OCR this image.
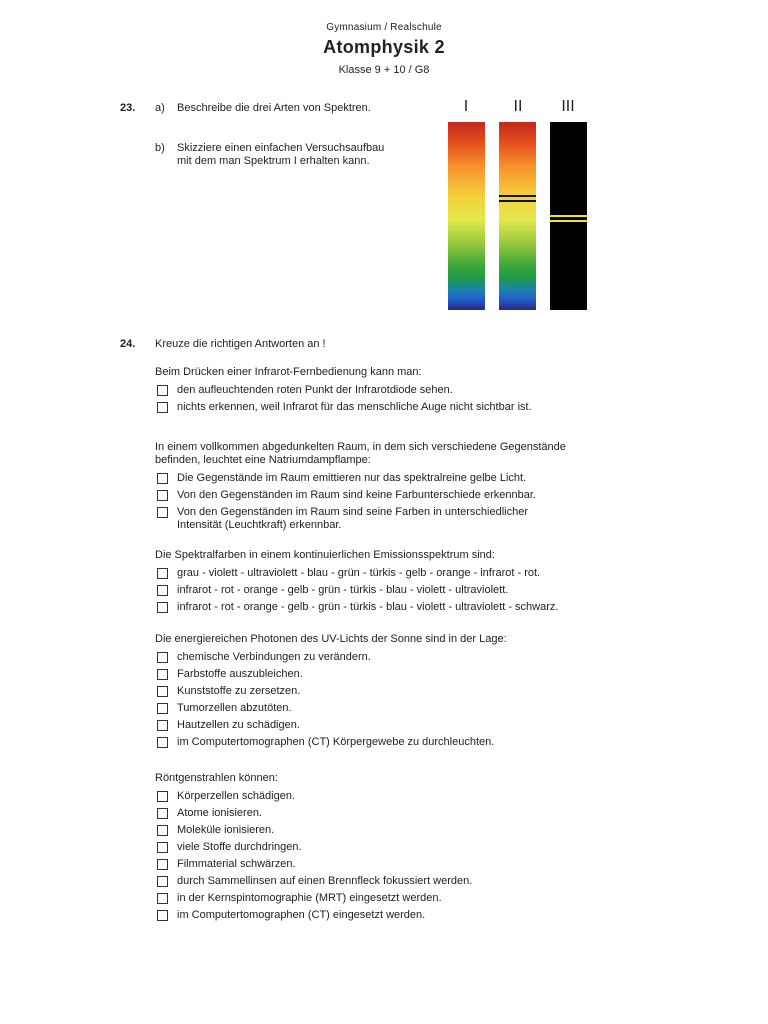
Gymnasium / Realschule
Atomphysik 2
Klasse 9 + 10 / G8
23. a) Beschreibe die drei Arten von Spektren.
b) Skizziere einen einfachen Versuchsaufbau
mit dem man Spektrum I erhalten kann.
I	II	III
24. Kreuze die richtigen Antworten an !
Beim Drücken einer Infrarot-Fernbedienung kann man:
den aufleuchtenden roten Punkt der Infrarotdiode sehen.
nichts erkennen, weil Infrarot für das menschliche Auge nicht sichtbar ist.
In einem vollkommen abgedunkelten Raum, in dem sich verschiedene Gegenstände
befinden, leuchtet eine Natriumdampflampe:
Die Gegenstände im Raum emittieren nur das spektralreine gelbe Licht.
Von den Gegenständen im Raum sind keine Farbunterschiede erkennbar.
Von den Gegenständen im Raum sind seine Farben in unterschiedlicher
Intensität (Leuchtkraft) erkennbar.
Die Spektralfarben in einem kontinuierlichen Emissionsspektrum sind:
grau - violett - ultraviolett - blau - grün - türkis - gelb - orange - infrarot - rot.
infrarot - rot - orange - gelb - grün - türkis - blau - violett - ultraviolett.
infrarot - rot - orange - gelb - grün - türkis - blau - violett - ultraviolett - schwarz.
Die energiereichen Photonen des UV-Lichts der Sonne sind in der Lage:
chemische Verbindungen zu verändern.
Farbstoffe auszubleichen.
Kunststoffe zu zersetzen.
Tumorzellen abzutöten.
Hautzellen zu schädigen.
im Computertomographen (CT) Körpergewebe zu durchleuchten.
Röntgenstrahlen können:
Körperzellen schädigen.
Atome ionisieren.
Moleküle ionisieren.
viele Stoffe durchdringen.
Filmmaterial schwärzen.
durch Sammellinsen auf einen Brennfleck fokussiert werden.
in der Kernspintomographie (MRT) eingesetzt werden.
im Computertomographen (CT) eingesetzt werden.
